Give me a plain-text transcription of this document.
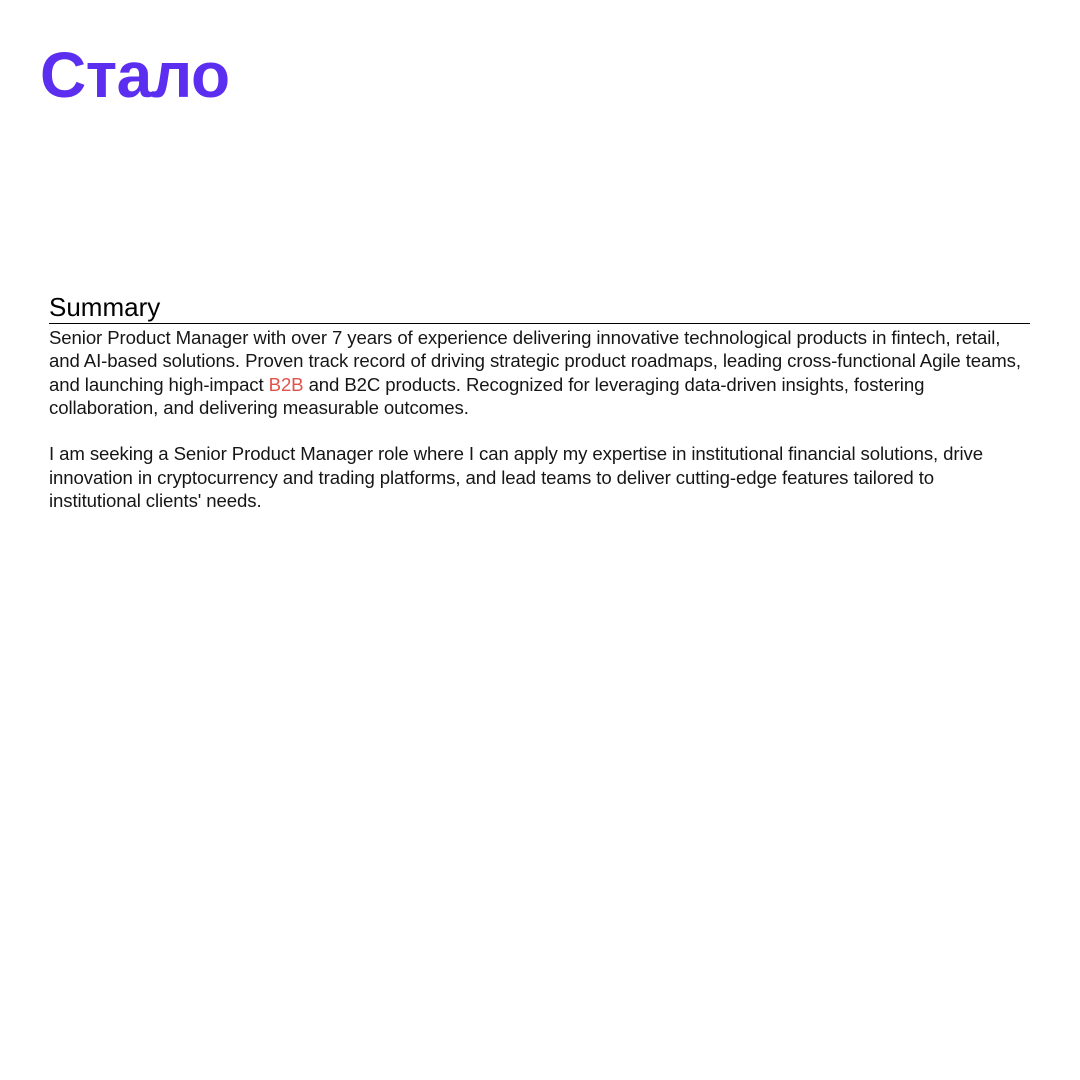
Стало
Summary

Senior Product Manager with over 7 years of experience delivering innovative technological products in fintech, retail, and AI-based solutions. Proven track record of driving strategic product roadmaps, leading cross-functional Agile teams, and launching high-impact B2B and B2C products. Recognized for leveraging data-driven insights, fostering collaboration, and delivering measurable outcomes.

I am seeking a Senior Product Manager role where I can apply my expertise in institutional financial solutions, drive innovation in cryptocurrency and trading platforms, and lead teams to deliver cutting-edge features tailored to institutional clients' needs.
